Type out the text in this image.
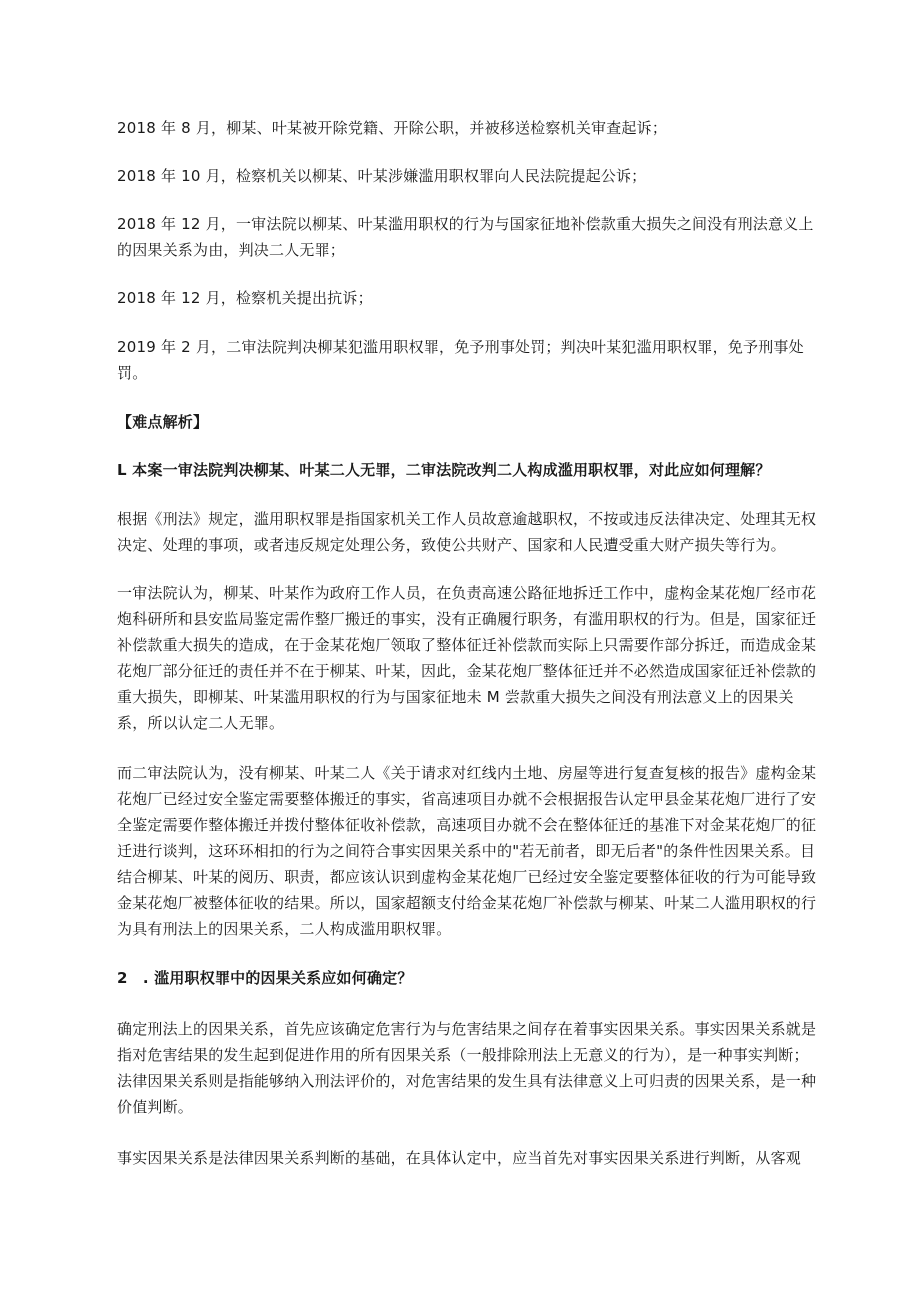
2018 年 8 月，柳某、叶某被开除党籍、开除公职，并被移送检察机关审查起诉；

2018 年 10 月，检察机关以柳某、叶某涉嫌滥用职权罪向人民法院提起公诉；

2018 年 12 月，一审法院以柳某、叶某滥用职权的行为与国家征地补偿款重大损失之间没有刑法意义上的因果关系为由，判决二人无罪；

2018 年 12 月，检察机关提出抗诉；

2019 年 2 月，二审法院判决柳某犯滥用职权罪，免予刑事处罚；判决叶某犯滥用职权罪，免予刑事处罚。

【难点解析】

L 本案一审法院判决柳某、叶某二人无罪，二审法院改判二人构成滥用职权罪，对此应如何理解？

根据《刑法》规定，滥用职权罪是指国家机关工作人员故意逾越职权，不按或违反法律决定、处理其无权决定、处理的事项，或者违反规定处理公务，致使公共财产、国家和人民遭受重大财产损失等行为。

一审法院认为，柳某、叶某作为政府工作人员，在负责高速公路征地拆迁工作中，虚构金某花炮厂经市花炮科研所和县安监局鉴定需作整厂搬迁的事实，没有正确履行职务，有滥用职权的行为。但是，国家征迁补偿款重大损失的造成，在于金某花炮厂领取了整体征迁补偿款而实际上只需要作部分拆迁，而造成金某花炮厂部分征迁的责任并不在于柳某、叶某，因此，金某花炮厂整体征迁并不必然造成国家征迁补偿款的重大损失，即柳某、叶某滥用职权的行为与国家征地未 M 尝款重大损失之间没有刑法意义上的因果关系，所以认定二人无罪。

而二审法院认为，没有柳某、叶某二人《关于请求对红线内土地、房屋等进行复查复核的报告》虚构金某花炮厂已经过安全鉴定需要整体搬迁的事实，省高速项目办就不会根据报告认定甲县金某花炮厂进行了安全鉴定需要作整体搬迁并拨付整体征收补偿款，高速项目办就不会在整体征迁的基准下对金某花炮厂的征迁进行谈判，这环环相扣的行为之间符合事实因果关系中的"若无前者，即无后者"的条件性因果关系。目结合柳某、叶某的阅历、职责，都应该认识到虚构金某花炮厂已经过安全鉴定要整体征收的行为可能导致金某花炮厂被整体征收的结果。所以，国家超额支付给金某花炮厂补偿款与柳某、叶某二人滥用职权的行为具有刑法上的因果关系，二人构成滥用职权罪。

2　. 滥用职权罪中的因果关系应如何确定？

确定刑法上的因果关系，首先应该确定危害行为与危害结果之间存在着事实因果关系。事实因果关系就是指对危害结果的发生起到促进作用的所有因果关系（一般排除刑法上无意义的行为），是一种事实判断；法律因果关系则是指能够纳入刑法评价的，对危害结果的发生具有法律意义上可归责的因果关系，是一种价值判断。

事实因果关系是法律因果关系判断的基础，在具体认定中，应当首先对事实因果关系进行判断，从客观
